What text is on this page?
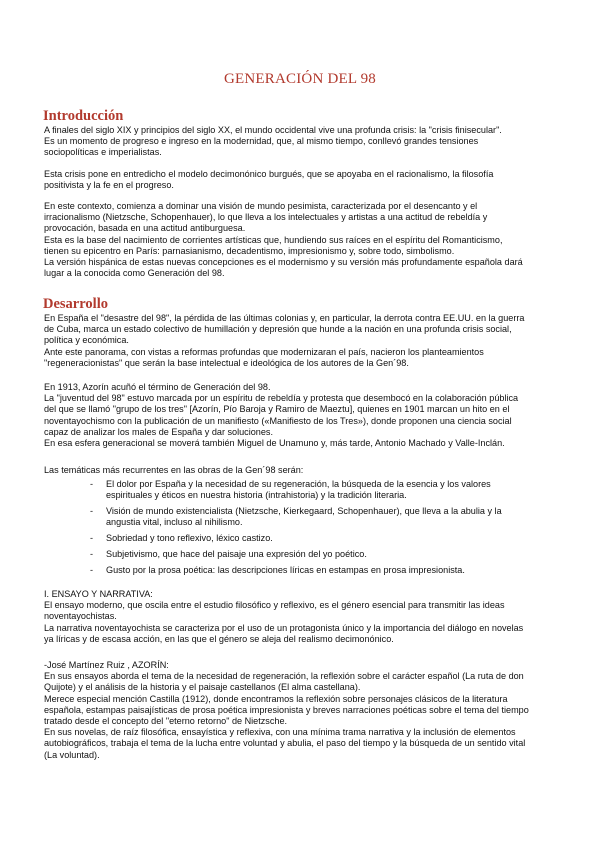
GENERACIÓN DEL 98
Introducción
A finales del siglo XIX y principios del siglo XX, el mundo occidental vive una profunda crisis: la "crisis finisecular".
Es un momento de progreso e ingreso en la modernidad, que, al mismo tiempo, conllevó grandes tensiones
sociopolíticas e imperialistas.
Esta crisis pone en entredicho el modelo decimonónico burgués, que se apoyaba en el racionalismo, la filosofía
positivista y la fe en el progreso.
En este contexto, comienza a dominar una visión de mundo pesimista, caracterizada por el desencanto y el
irracionalismo (Nietzsche, Schopenhauer), lo que lleva a los intelectuales y artistas a una actitud de rebeldía y
provocación, basada en una actitud antiburguesa.
Esta es la base del nacimiento de corrientes artísticas que, hundiendo sus raíces en el espíritu del Romanticismo,
tienen su epicentro en París: parnasianismo, decadentismo, impresionismo y, sobre todo, simbolismo.
La versión hispánica de estas nuevas concepciones es el modernismo y su versión más profundamente española dará
lugar a la conocida como Generación del 98.
Desarrollo
En España el "desastre del 98", la pérdida de las últimas colonias y, en particular, la derrota contra EE.UU. en la guerra
de Cuba, marca un estado colectivo de humillación y depresión que hunde a la nación en una profunda crisis social,
política y económica.
Ante este panorama, con vistas a reformas profundas que modernizaran el país, nacieron los planteamientos
"regeneracionistas" que serán la base intelectual e ideológica de los autores de la Gen´98.
En 1913, Azorín acuñó el término de Generación del 98.
La "juventud del 98" estuvo marcada por un espíritu de rebeldía y protesta que desembocó en la colaboración pública
del que se llamó "grupo de los tres" [Azorín, Pío Baroja y Ramiro de Maeztu], quienes en 1901 marcan un hito en el
noventayochismo con la publicación de un manifiesto («Manifiesto de los Tres»), donde proponen una ciencia social
capaz de analizar los males de España y dar soluciones.
En esa esfera generacional se moverá también Miguel de Unamuno y, más tarde, Antonio Machado y Valle-Inclán.
Las temáticas más recurrentes en las obras de la Gen´98 serán:
- El dolor por España y la necesidad de su regeneración, la búsqueda de la esencia y los valores
espirituales y éticos en nuestra historia (intrahistoria) y la tradición literaria.
- Visión de mundo existencialista (Nietzsche, Kierkegaard, Schopenhauer), que lleva a la abulia y la
angustia vital, incluso al nihilismo.
- Sobriedad y tono reflexivo, léxico castizo.
- Subjetivismo, que hace del paisaje una expresión del yo poético.
- Gusto por la prosa poética: las descripciones líricas en estampas en prosa impresionista.
I. ENSAYO Y NARRATIVA:
El ensayo moderno, que oscila entre el estudio filosófico y reflexivo, es el género esencial para transmitir las ideas
noventayochistas.
La narrativa noventayochista se caracteriza por el uso de un protagonista único y la importancia del diálogo en novelas
ya líricas y de escasa acción, en las que el género se aleja del realismo decimonónico.
-José Martínez Ruiz , AZORÍN:
En sus ensayos aborda el tema de la necesidad de regeneración, la reflexión sobre el carácter español (La ruta de don
Quijote) y el análisis de la historia y el paisaje castellanos (El alma castellana).
Merece especial mención Castilla (1912), donde encontramos la reflexión sobre personajes clásicos de la literatura
española, estampas paisajísticas de prosa poética impresionista y breves narraciones poéticas sobre el tema del tiempo
tratado desde el concepto del "eterno retorno" de Nietzsche.
En sus novelas, de raíz filosófica, ensayística y reflexiva, con una mínima trama narrativa y la inclusión de elementos
autobiográficos, trabaja el tema de la lucha entre voluntad y abulia, el paso del tiempo y la búsqueda de un sentido vital
(La voluntad).
